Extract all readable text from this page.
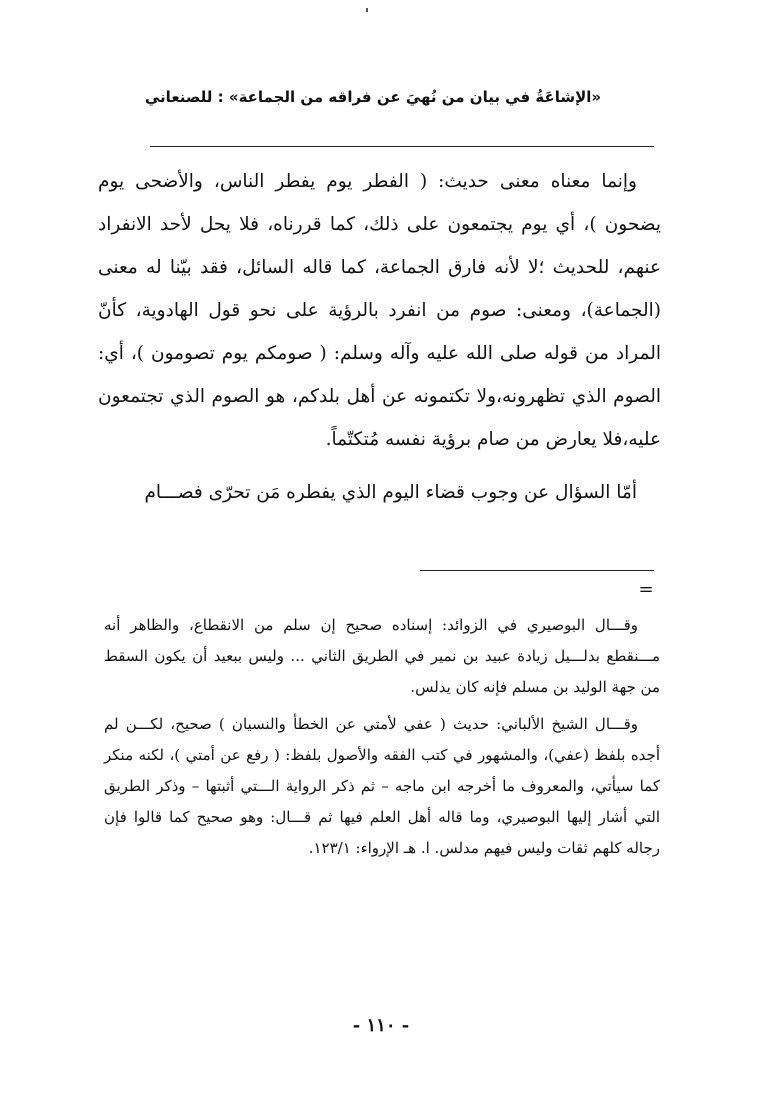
«الإشاعَةُ في بيان من نُهيَ عن فراقه من الجماعة» : للصنعاني

وإنما معناه معنى حديث: ( الفطر يوم يفطر الناس، والأضحى يوم يضحون )، أي يوم يجتمعون على ذلك، كما قررناه، فلا يحل لأحد الانفراد عنهم، للحديث ؛لا لأنه فارق الجماعة، كما قاله السائل، فقد بيّنا له معنى (الجماعة)، ومعنى: صوم من انفرد بالرؤية على نحو قول الهادوية، كأنّ المراد من قوله صلى الله عليه وآله وسلم: ( صومكم يوم تصومون )، أي: الصوم الذي تظهرونه،ولا تكتمونه عن أهل بلدكم، هو الصوم الذي تجتمعون عليه،فلا يعارض من صام برؤية نفسه مُتكتّماً.

أمّا السؤال عن وجوب قضاء اليوم الذي يفطره مَن تحرّى فصـــام

=

وقـــال البوصيري في الزوائد: إسناده صحيح إن سلم من الانقطاع، والظاهر أنه مـــنقطع بدلـــيل زيادة عبيد بن نمير في الطريق الثاني ... وليس ببعيد أن يكون السقط من جهة الوليد بن مسلم فإنه كان يدلس.

وقـــال الشيخ الألباني: حديث ( عفي لأمتي عن الخطأ والنسيان ) صحيح، لكـــن لم أجده بلفظ (عفي)، والمشهور في كتب الفقه والأصول بلفظ: ( رفع عن أمتي )، لكنه منكر كما سيأتي، والمعروف ما أخرجه ابن ماجه – ثم ذكر الرواية الـــتي أثبتها – وذكر الطريق التي أشار إليها البوصيري، وما قاله أهل العلم فيها ثم قـــال: وهو صحيح كما قالوا فإن رجاله كلهم ثقات وليس فيهم مدلس. ا. هـ الإرواء: ١٢٣/١.

- ١١٠ -
